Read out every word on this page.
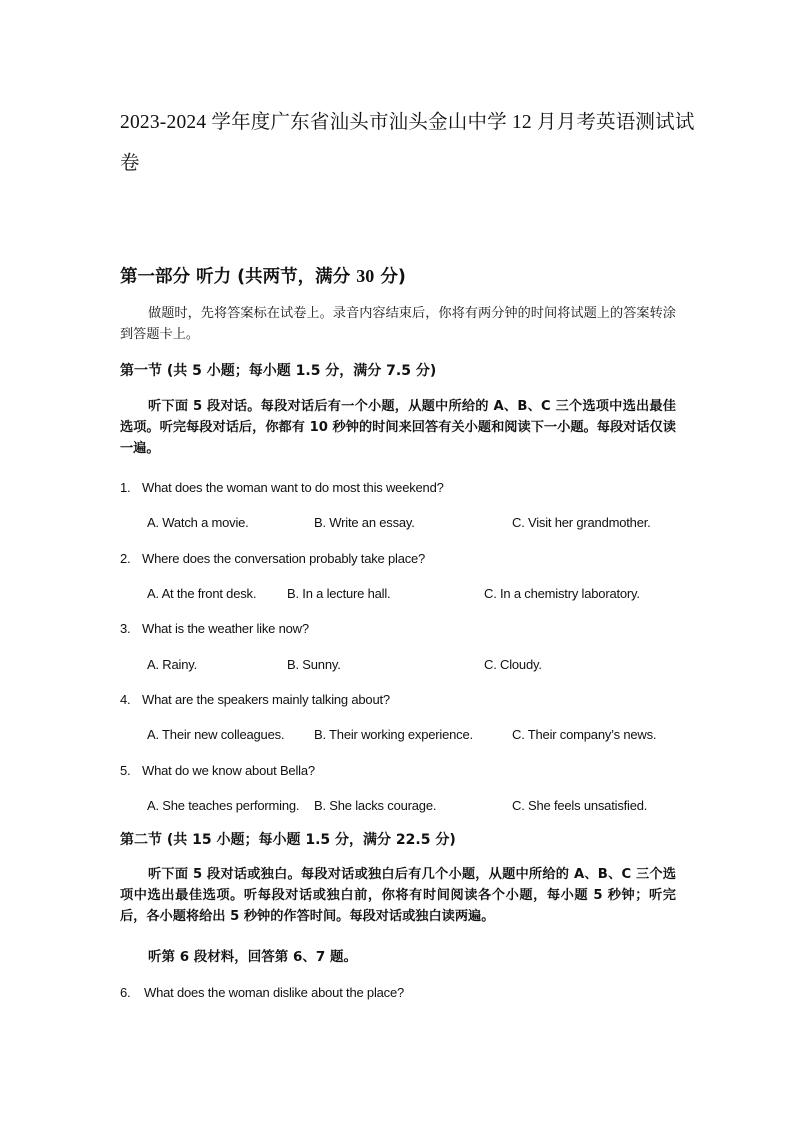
2023-2024 学年度广东省汕头市汕头金山中学 12 月月考英语测试试
卷
第一部分 听力 (共两节，满分 30 分)
做题时，先将答案标在试卷上。录音内容结束后，你将有两分钟的时间将试题上的答案转涂到答题卡上。
第一节 (共 5 小题；每小题 1.5 分，满分 7.5 分)
听下面 5 段对话。每段对话后有一个小题，从题中所给的 A、B、C 三个选项中选出最佳选项。听完每段对话后，你都有 10 秒钟的时间来回答有关小题和阅读下一小题。每段对话仅读一遍。
1. What does the woman want to do most this weekend?
A. Watch a movie.	B. Write an essay.	C. Visit her grandmother.
2. Where does the conversation probably take place?
A. At the front desk. B. In a lecture hall.	C. In a chemistry laboratory.
3. What is the weather like now?
A. Rainy.	B. Sunny.	C. Cloudy.
4. What are the speakers mainly talking about?
A. Their new colleagues. B. Their working experience.	C. Their company’s news.
5. What do we know about Bella?
A. She teaches performing. B. She lacks courage.	C. She feels unsatisfied.
第二节 (共 15 小题；每小题 1.5 分，满分 22.5 分)
听下面 5 段对话或独白。每段对话或独白后有几个小题，从题中所给的 A、B、C 三个选项中选出最佳选项。听每段对话或独白前，你将有时间阅读各个小题，每小题 5 秒钟；听完后，各小题将给出 5 秒钟的作答时间。每段对话或独白读两遍。
听第 6 段材料，回答第 6、7 题。
6. What does the woman dislike about the place?
